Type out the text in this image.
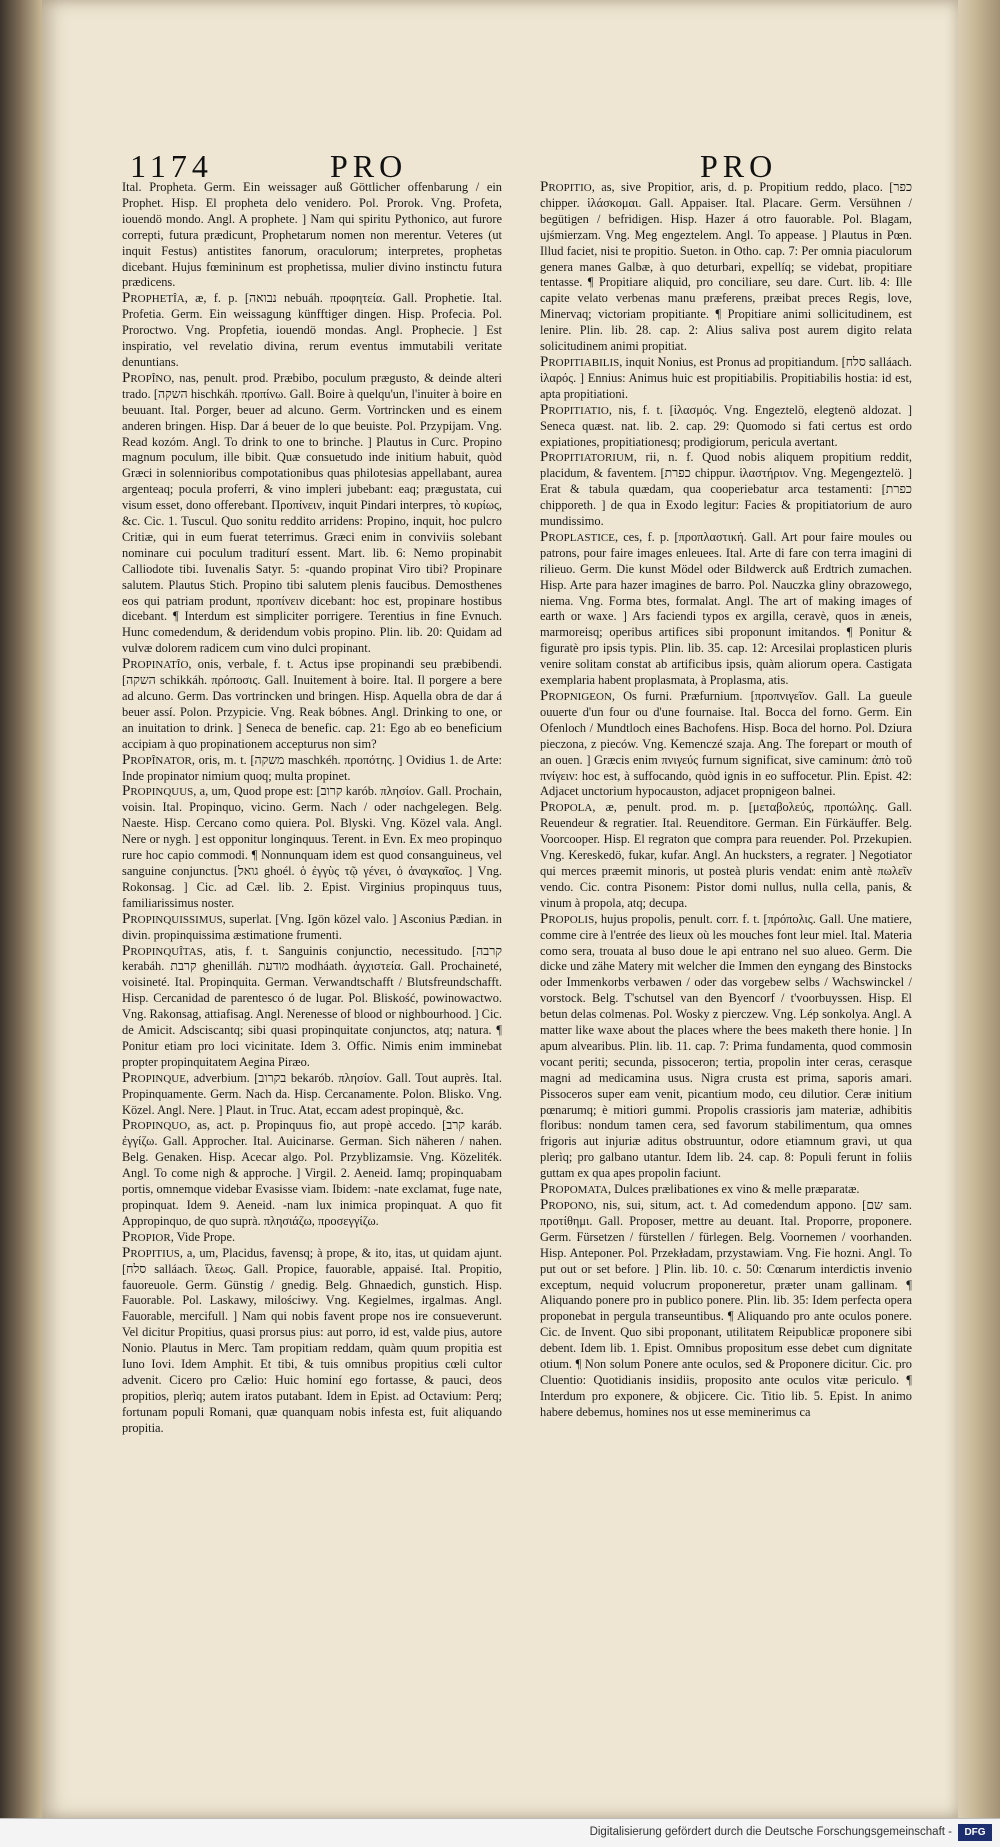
1174	PRO	PRO

Ital. Propheta. Germ. Ein weissager auß Göttlicher offenbarung / ein Prophet. Hisp. El propheta delo venidero. Pol. Prorok. Vng. Profeta, iouendö mondo. Angl. A prophete. ] Nam qui spiritu Pythonico, aut furore correpti, futura prædicunt, Prophetarum nomen non merentur. Veteres (ut inquit Festus) antistites fanorum, oraculorum; interpretes, prophetas dicebant. Hujus fœmininum est prophetissa, mulier divino instinctu futura prædicens.

Prophetîa, æ, f. p. [נבואה nebuáh. προφητεία. Gall. Prophetie. Ital. Profetia. Germ. Ein weissagung künfftiger dingen. Hisp. Profecia. Pol. Proroctwo. Vng. Propfetia, iouendö mondas. Angl. Prophecie. ] Est inspiratio, vel revelatio divina, rerum eventus immutabili veritate denuntians.

Propîno, nas, penult. prod. Præbibo, poculum prægusto, & deinde alteri trado. [השקה hischkáh. προπίνω. Gall. Boire à quelqu'un, l'inuiter à boire en beuuant. Ital. Porger, beuer ad alcuno. Germ. Vortrincken und es einem anderen bringen. Hisp. Dar á beuer de lo que beuiste. Pol. Przypijam. Vng. Read kozóm. Angl. To drink to one to brinche. ] Plautus in Curc. Propino magnum poculum, ille bibit. Quæ consuetudo inde initium habuit, quòd Græci in solennioribus compotationibus quas philotesias appellabant, aurea argenteaq; pocula proferri, & vino impleri jubebant: eaq; prægustata, cui visum esset, dono offerebant. Προπίνειν, inquit Pindari interpres, τὸ κυρίως, &c. Cic. 1. Tuscul. Quo sonitu reddito arridens: Propino, inquit, hoc pulcro Critiæ, qui in eum fuerat teterrimus. Græci enim in conviviis solebant nominare cui poculum traditurí essent. Mart. lib. 6: Nemo propinabit Calliodote tibi. Iuvenalis Satyr. 5: -quando propinat Viro tibi? Propinare salutem. Plautus Stich. Propino tibi salutem plenis faucibus. Demosthenes eos qui patriam produnt, προπίνειν dicebant: hoc est, propinare hostibus dicebant. ¶ Interdum est simpliciter porrigere. Terentius in fine Evnuch. Hunc comedendum, & deridendum vobis propino. Plin. lib. 20: Quidam ad vulvæ dolorem radicem cum vino dulci propinant.

Propinatîo, onis, verbale, f. t. Actus ipse propinandi seu præbibendi. [השקה schikkáh. πρόποσις. Gall. Inuitement à boire. Ital. Il porgere a bere ad alcuno. Germ. Das vortrincken und bringen. Hisp. Aquella obra de dar á beuer assí. Polon. Przypicie. Vng. Reak bóbnes. Angl. Drinking to one, or an inuitation to drink. ] Seneca de benefic. cap. 21: Ego ab eo beneficium accipiam à quo propinationem accepturus non sim?

Propînator, oris, m. t. [משקה maschkéh. προπότης. ] Ovidius 1. de Arte: Inde propinator nimium quoq; multa propinet.

Propinquus, a, um, Quod prope est: [קרוב karób. πλησίον. Gall. Prochain, voisin. Ital. Propinquo, vicino. Germ. Nach / oder nachgelegen. Belg. Naeste. Hisp. Cercano como quiera. Pol. Blyski. Vng. Közel vala. Angl. Nere or nygh. ] est opponitur longinquus. Terent. in Evn. Ex meo propinquo rure hoc capio commodi. ¶ Nonnunquam idem est quod consanguineus, vel sanguine conjunctus. [גואל ghoél. ὁ ἐγγὺς τῷ γένει, ὁ ἀναγκαῖος. ] Vng. Rokonsag. ] Cic. ad Cæl. lib. 2. Epist. Virginius propinquus tuus, familiarissimus noster.

Propinquissimus, superlat. [Vng. Igön közel valo. ] Asconius Pædian. in divin. propinquissima æstimatione frumenti.

Propinquîtas, atis, f. t. Sanguinis conjunctio, necessitudo. [קרבה kerabáh. קרבת ghenilláh. מודעת modháath. ἀγχιστεία. Gall. Prochaineté, voisineté. Ital. Propinquita. German. Verwandtschafft / Blutsfreundschafft. Hisp. Cercanidad de parentesco ó de lugar. Pol. Bliskość, powinowactwo. Vng. Rakonsag, attiafisag. Angl. Nerenesse of blood or nighbourhood. ] Cic. de Amicit. Adsciscantq; sibi quasi propinquitate conjunctos, atq; natura. ¶ Ponitur etiam pro loci vicinitate. Idem 3. Offic. Nimis enim imminebat propter propinquitatem Aegina Piræo.

Propinque, adverbium. [בקרוב bekarób. πλησίον. Gall. Tout auprès. Ital. Propinquamente. Germ. Nach da. Hisp. Cercanamente. Polon. Blisko. Vng. Közel. Angl. Nere. ] Plaut. in Truc. Atat, eccam adest propinquè, &c.

Propinquo, as, act. p. Propinquus fio, aut propè accedo. [קרב karáb. ἐγγίζω. Gall. Approcher. Ital. Auicinarse. German. Sich näheren / nahen. Belg. Genaken. Hisp. Acecar algo. Pol. Przyblizamsie. Vng. Közeliték. Angl. To come nigh & approche. ] Virgil. 2. Aeneid. Iamq; propinquabam portis, omnemque videbar Evasisse viam. Ibidem: -nate exclamat, fuge nate, propinquat. Idem 9. Aeneid. -nam lux inimica propinquat. A quo fit Appropinquo, de quo suprà. πλησιάζω, προσεγγίζω.

Propior, Vide Prope.

Propitius, a, um, Placidus, favensq; à prope, & ito, itas, ut quidam ajunt. [סלח salláach. ἵλεως. Gall. Propice, fauorable, appaisé. Ital. Propitio, fauoreuole. Germ. Günstig / gnedig. Belg. Ghnaedich, gunstich. Hisp. Fauorable. Pol. Laskawy, milościwy. Vng. Kegielmes, irgalmas. Angl. Fauorable, mercifull. ] Nam qui nobis favent prope nos ire consueverunt. Vel dicitur Propitius, quasi prorsus pius: aut porro, id est, valde pius, autore Nonio. Plautus in Merc. Tam propitiam reddam, quàm quum propitia est Iuno Iovi. Idem Amphit. Et tibi, & tuis omnibus propitius cœli cultor advenit. Cicero pro Cælio: Huic hominí ego fortasse, & pauci, deos propitios, plerìq; autem iratos putabant. Idem in Epist. ad Octavium: Perq; fortunam populi Romani, quæ quanquam nobis infesta est, fuit aliquando propitia.

Propitio, as, sive Propitior, aris, d. p. Propitium reddo, placo. [כפר chipper. ἱλάσκομαι. Gall. Appaiser. Ital. Placare. Germ. Versühnen / begütigen / befridigen. Hisp. Hazer á otro fauorable. Pol. Blagam, ujśmierzam. Vng. Meg engeztelem. Angl. To appease. ] Plautus in Pœn. Illud faciet, nisi te propitio. Sueton. in Otho. cap. 7: Per omnia piaculorum genera manes Galbæ, à quo deturbari, expellíq; se videbat, propitiare tentasse. ¶ Propitiare aliquid, pro conciliare, seu dare. Curt. lib. 4: Ille capite velato verbenas manu præferens, præibat preces Regis, love, Minervaq; victoriam propitiante. ¶ Propitiare animi sollicitudinem, est lenire. Plin. lib. 28. cap. 2: Alius saliva post aurem digito relata solicitudinem animi propitiat.

Propitiabilis, inquit Nonius, est Pronus ad propitiandum. [סלח salláach. ἱλαρός. ] Ennius: Animus huic est propitiabilis. Propitiabilis hostia: id est, apta propitiationi.

Propitiatio, nis, f. t. [ἱλασμός. Vng. Engeztelö, elegtenö aldozat. ] Seneca quæst. nat. lib. 2. cap. 29: Quomodo si fati certus est ordo expiationes, propitiationesq; prodigiorum, pericula avertant.

Propitiatorium, rii, n. f. Quod nobis aliquem propitium reddit, placidum, & faventem. [כפרת chippur. ἱλαστήριον. Vng. Megengeztelö. ] Erat & tabula quædam, qua cooperiebatur arca testamenti: [כפרת chipporeth. ] de qua in Exodo legitur: Facies & propitiatorium de auro mundissimo.

Proplastice, ces, f. p. [προπλαστική. Gall. Art pour faire moules ou patrons, pour faire images enleuees. Ital. Arte di fare con terra imagini di rilieuo. Germ. Die kunst Mödel oder Bildwerck auß Erdtrich zumachen. Hisp. Arte para hazer imagines de barro. Pol. Nauczka gliny obrazowego, niema. Vng. Forma btes, formalat. Angl. The art of making images of earth or waxe. ] Ars faciendi typos ex argilla, ceravè, quos in æneis, marmoreisq; operibus artifices sibi proponunt imitandos. ¶ Ponitur & figuratè pro ipsis typis. Plin. lib. 35. cap. 12: Arcesilai proplasticen pluris venire solitam constat ab artificibus ipsis, quàm aliorum opera. Castigata exemplaria habent proplasmata, à Proplasma, atis.

Propnigeon, Os furni. Præfurnium. [προπνιγεῖον. Gall. La gueule ouuerte d'un four ou d'une fournaise. Ital. Bocca del forno. Germ. Ein Ofenloch / Mundtloch eines Bachofens. Hisp. Boca del horno. Pol. Dziura pieczona, z pieców. Vng. Kemenczé szaja. Ang. The forepart or mouth of an ouen. ] Græcis enim πνιγεύς furnum significat, sive caminum: ἀπὸ τοῦ πνίγειν: hoc est, à suffocando, quòd ignis in eo suffocetur. Plin. Epist. 42: Adjacet unctorium hypocauston, adjacet propnigeon balnei.

Propola, æ, penult. prod. m. p. [μεταβολεύς, προπώλης. Gall. Reuendeur & regratier. Ital. Reuenditore. German. Ein Fürkäuffer. Belg. Voorcooper. Hisp. El regraton que compra para reuender. Pol. Przekupien. Vng. Kereskedö, fukar, kufar. Angl. An hucksters, a regrater. ] Negotiator qui merces præemit minoris, ut posteà pluris vendat: enim antè πωλεῖν vendo. Cic. contra Pisonem: Pistor domi nullus, nulla cella, panis, & vinum à propola, atq; decupa.

Propolis, hujus propolis, penult. corr. f. t. [πρόπολις. Gall. Une matiere, comme cire à l'entrée des lieux où les mouches font leur miel. Ital. Materia como sera, trouata al buso doue le api entrano nel suo alueo. Germ. Die dicke und zähe Matery mit welcher die Immen den eyngang des Binstocks oder Immenkorbs verbawen / oder das vorgebew selbs / Wachswinckel / vorstock. Belg. T'schutsel van den Byencorf / t'voorbuyssen. Hisp. El betun delas colmenas. Pol. Wosky z pierczew. Vng. Lép sonkolya. Angl. A matter like waxe about the places where the bees maketh there honie. ] In apum alvearibus. Plin. lib. 11. cap. 7: Prima fundamenta, quod commosin vocant periti; secunda, pissoceron; tertia, propolin inter ceras, cerasque magni ad medicamina usus. Nigra crusta est prima, saporis amari. Pissoceros super eam venit, picantium modo, ceu dilutior. Ceræ initium pœnarumq; è mitiori gummi. Propolis crassioris jam materiæ, adhibitis floribus: nondum tamen cera, sed favorum stabilimentum, qua omnes frigoris aut injuriæ aditus obstruuntur, odore etiamnum gravi, ut qua plerìq; pro galbano utantur. Idem lib. 24. cap. 8: Populi ferunt in foliis guttam ex qua apes propolin faciunt.

Propomata, Dulces prælibationes ex vino & melle præparatæ.

Propono, nis, sui, situm, act. t. Ad comedendum appono. [שם sam. προτίθημι. Gall. Proposer, mettre au deuant. Ital. Proporre, proponere. Germ. Fürsetzen / fürstellen / fürlegen. Belg. Voornemen / voorhanden. Hisp. Anteponer. Pol. Przekładam, przystawiam. Vng. Fie hozni. Angl. To put out or set before. ] Plin. lib. 10. c. 50: Cœnarum interdictis invenio exceptum, nequid volucrum proponeretur, præter unam gallinam. ¶ Aliquando ponere pro in publico ponere. Plin. lib. 35: Idem perfecta opera proponebat in pergula transeuntibus. ¶ Aliquando pro ante oculos ponere. Cic. de Invent. Quo sibi proponant, utilitatem Reipublicæ proponere sibi debent. Idem lib. 1. Epist. Omnibus propositum esse debet cum dignitate otium. ¶ Non solum Ponere ante oculos, sed & Proponere dicitur. Cic. pro Cluentio: Quotidianis insidiis, proposito ante oculos vitæ periculo. ¶ Interdum pro exponere, & objicere. Cic. Titio lib. 5. Epist. In animo habere debemus, homines nos ut esse meminerimus ca

Digitalisierung gefördert durch die Deutsche Forschungsgemeinschaft -	DFG
